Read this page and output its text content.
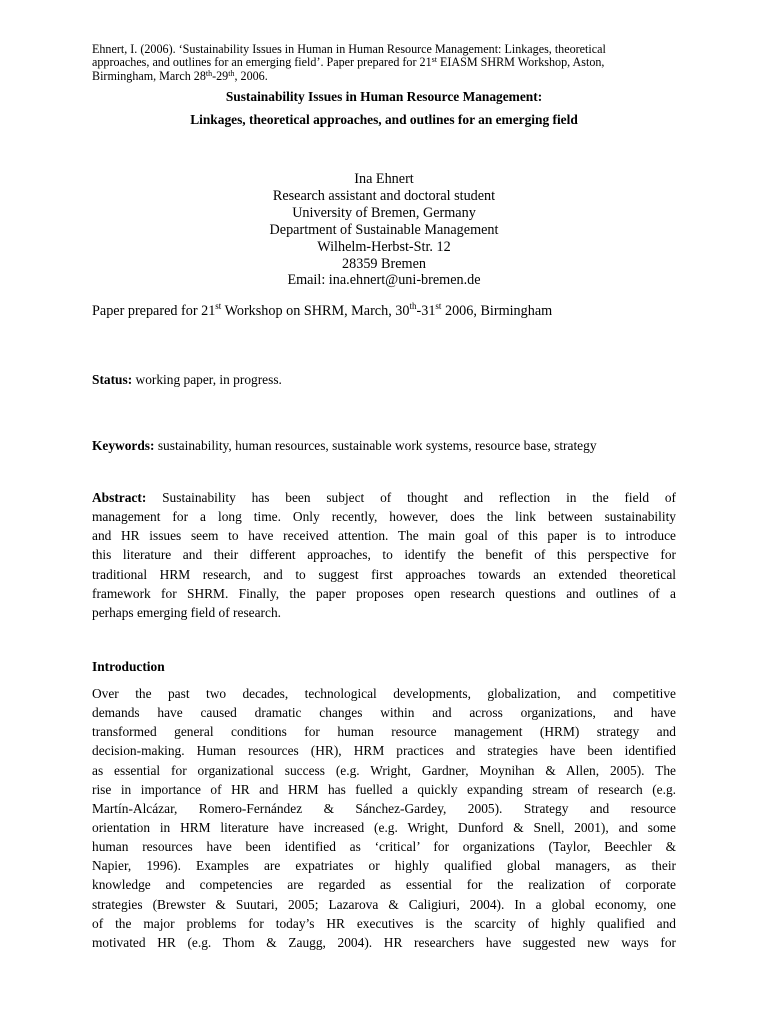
Ehnert, I. (2006). ‘Sustainability Issues in Human in Human Resource Management: Linkages, theoretical
approaches, and outlines for an emerging field’. Paper prepared for 21st EIASM SHRM Workshop, Aston,
Birmingham, March 28th-29th, 2006.
Sustainability Issues in Human Resource Management:
Linkages, theoretical approaches, and outlines for an emerging field
Ina Ehnert
Research assistant and doctoral student
University of Bremen, Germany
Department of Sustainable Management
Wilhelm-Herbst-Str. 12
28359 Bremen
Email: ina.ehnert@uni-bremen.de
Paper prepared for 21st Workshop on SHRM, March, 30th-31st 2006, Birmingham
Status: working paper, in progress.
Keywords: sustainability, human resources, sustainable work systems, resource base, strategy
Abstract: Sustainability has been subject of thought and reflection in the field of
management for a long time. Only recently, however, does the link between sustainability
and HR issues seem to have received attention. The main goal of this paper is to introduce
this literature and their different approaches, to identify the benefit of this perspective for
traditional HRM research, and to suggest first approaches towards an extended theoretical
framework for SHRM. Finally, the paper proposes open research questions and outlines of a
perhaps emerging field of research.
Introduction
Over the past two decades, technological developments, globalization, and competitive
demands have caused dramatic changes within and across organizations, and have
transformed general conditions for human resource management (HRM) strategy and
decision-making. Human resources (HR), HRM practices and strategies have been identified
as essential for organizational success (e.g. Wright, Gardner, Moynihan & Allen, 2005). The
rise in importance of HR and HRM has fuelled a quickly expanding stream of research (e.g.
Martín-Alcázar, Romero-Fernández & Sánchez-Gardey, 2005). Strategy and resource
orientation in HRM literature have increased (e.g. Wright, Dunford & Snell, 2001), and some
human resources have been identified as ‘critical’ for organizations (Taylor, Beechler &
Napier, 1996). Examples are expatriates or highly qualified global managers, as their
knowledge and competencies are regarded as essential for the realization of corporate
strategies (Brewster & Suutari, 2005; Lazarova & Caligiuri, 2004). In a global economy, one
of the major problems for today’s HR executives is the scarcity of highly qualified and
motivated HR (e.g. Thom & Zaugg, 2004). HR researchers have suggested new ways for
